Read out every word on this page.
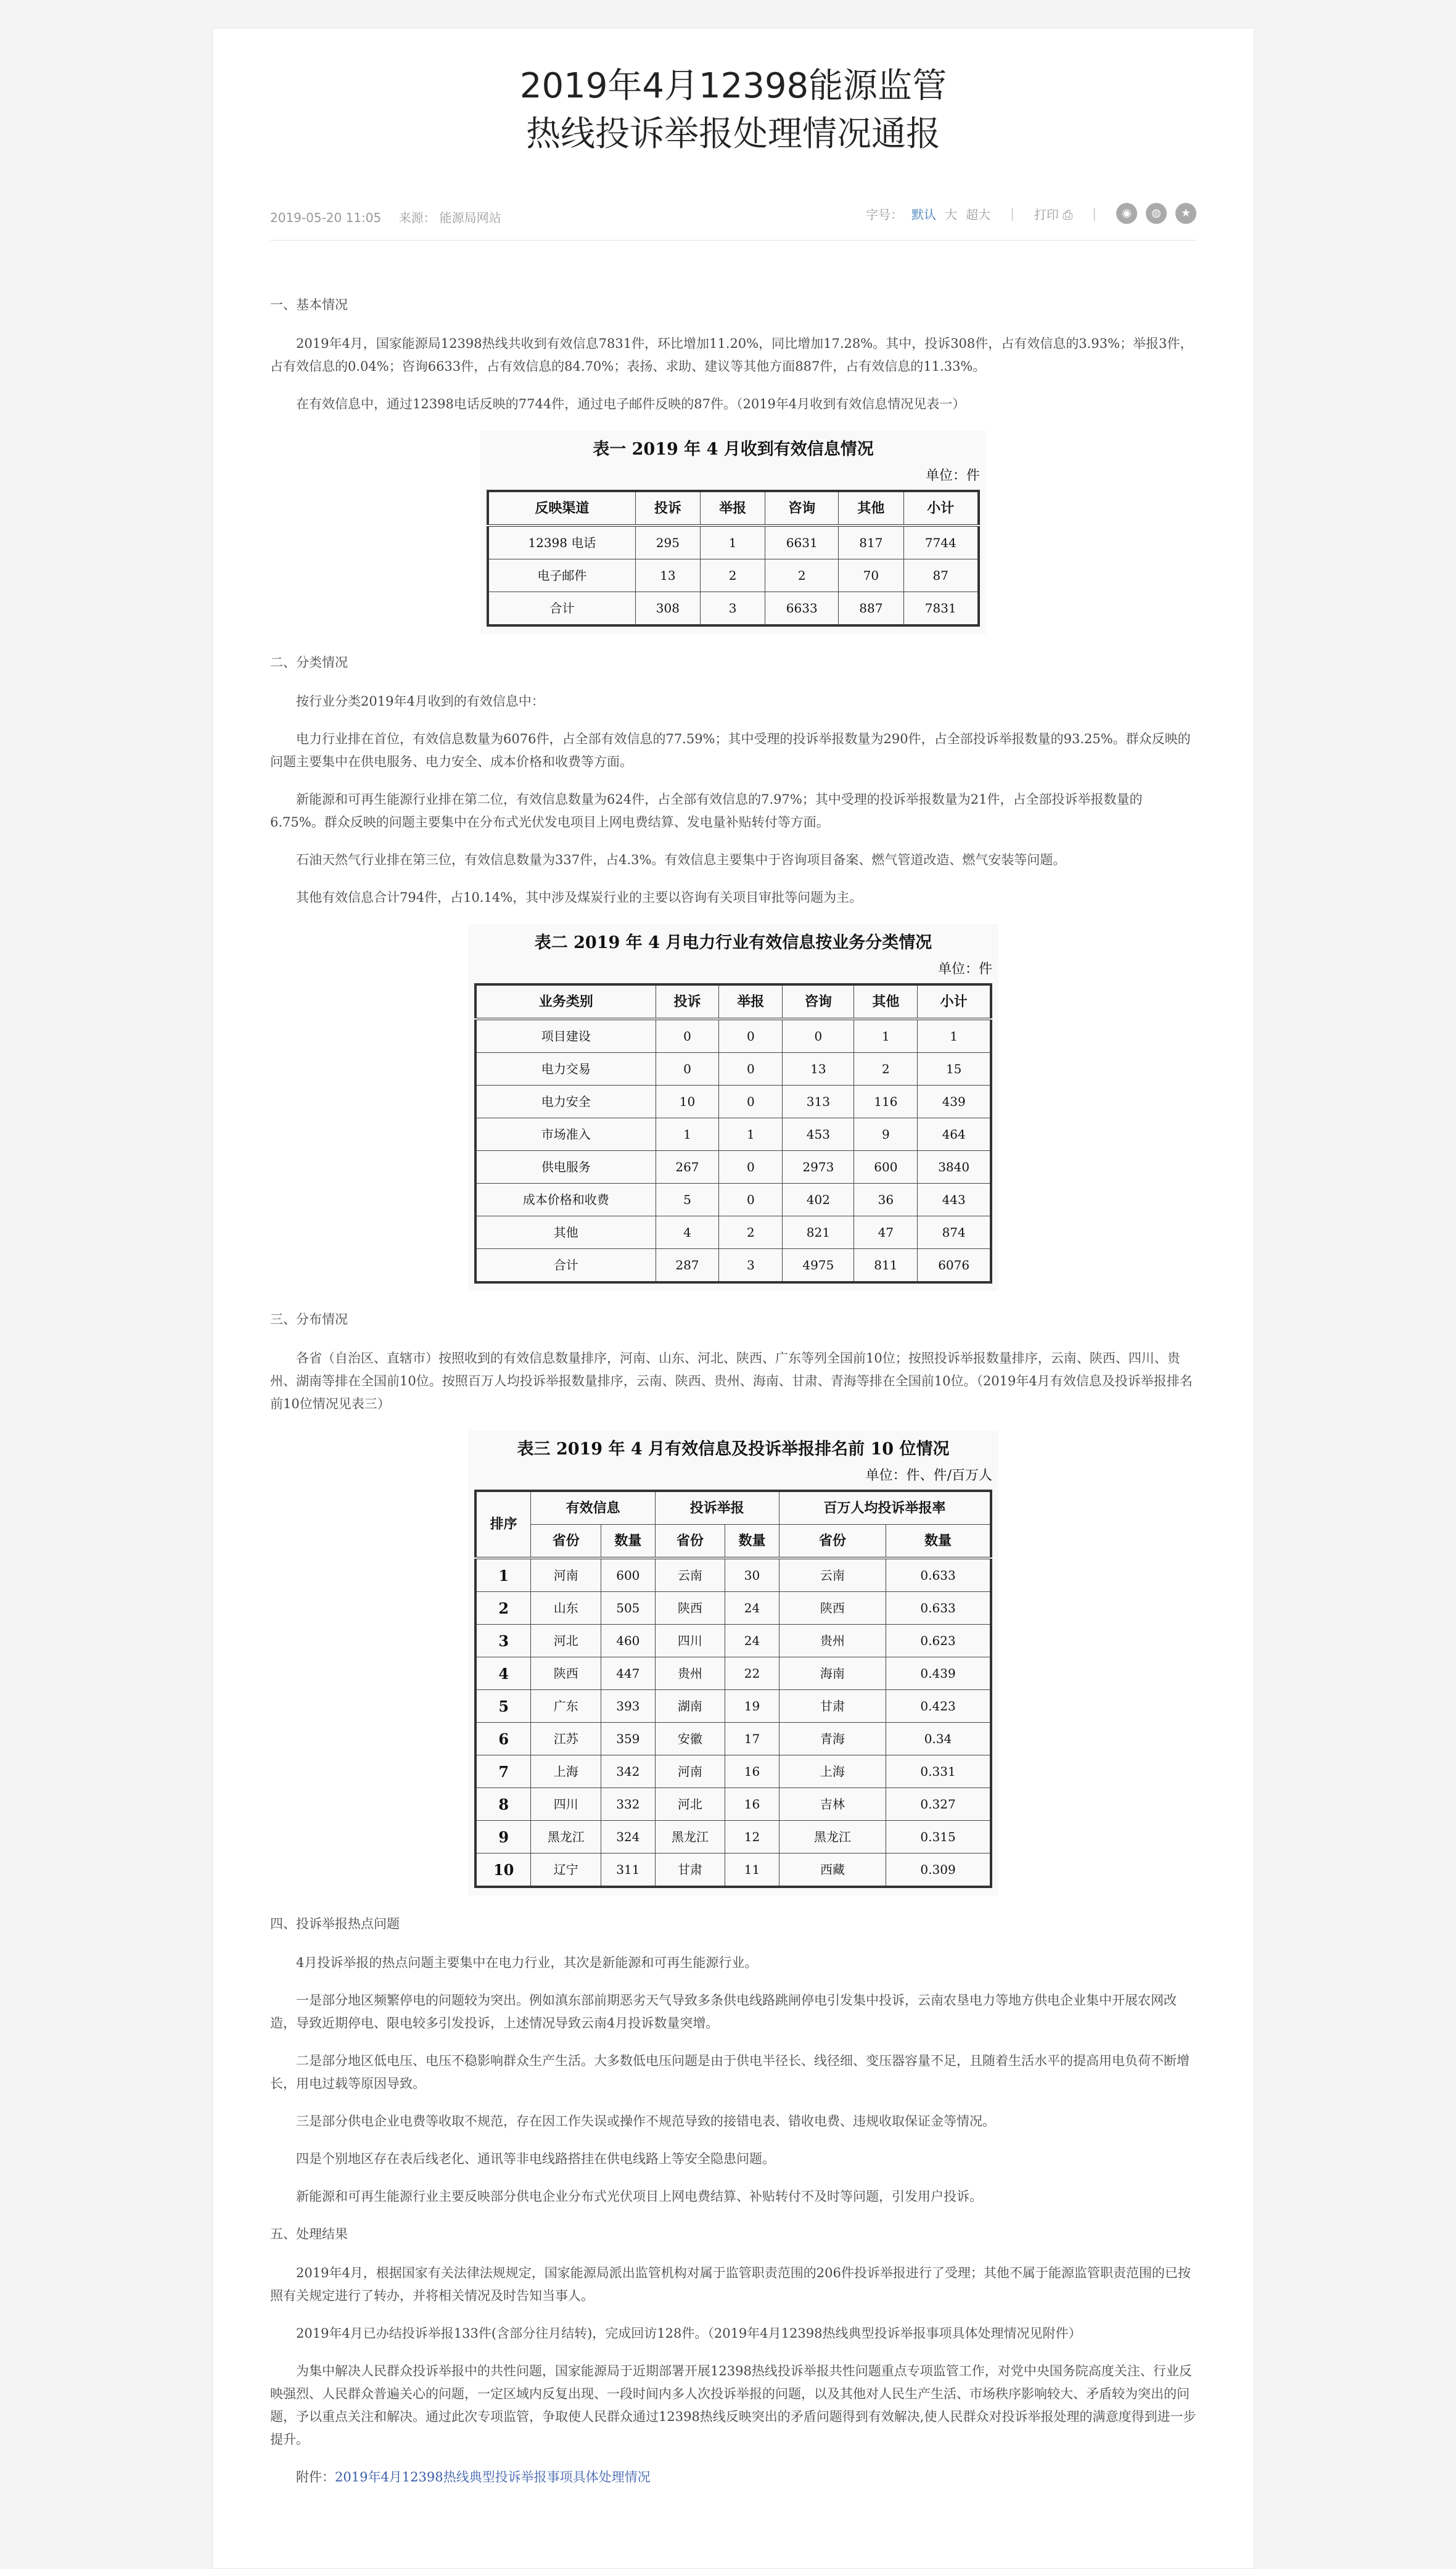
2019年4月12398能源监管
热线投诉举报处理情况通报
2019-05-20 11:05 来源： 能源局网站	字号： 默认 大 超大 | 打印 ⎙ |	◉	◍	★
一、基本情况

2019年4月，国家能源局12398热线共收到有效信息7831件，环比增加11.20%，同比增加17.28%。其中，投诉308件，占有效信息的3.93%；举报3件，占有效信息的0.04%；咨询6633件，占有效信息的84.70%；表扬、求助、建议等其他方面887件，占有效信息的11.33%。

在有效信息中，通过12398电话反映的7744件，通过电子邮件反映的87件。（2019年4月收到有效信息情况见表一）

表一 2019 年 4 月收到有效信息情况
单位：件
反映渠道	投诉	举报	咨询	其他	小计
12398 电话	295	1	6631	817	7744
电子邮件	13	2	2	70	87
合计	308	3	6633	887	7831
二、分类情况

按行业分类2019年4月收到的有效信息中：

电力行业排在首位，有效信息数量为6076件，占全部有效信息的77.59%；其中受理的投诉举报数量为290件，占全部投诉举报数量的93.25%。群众反映的问题主要集中在供电服务、电力安全、成本价格和收费等方面。

新能源和可再生能源行业排在第二位，有效信息数量为624件，占全部有效信息的7.97%；其中受理的投诉举报数量为21件，占全部投诉举报数量的6.75%。群众反映的问题主要集中在分布式光伏发电项目上网电费结算、发电量补贴转付等方面。

石油天然气行业排在第三位，有效信息数量为337件，占4.3%。有效信息主要集中于咨询项目备案、燃气管道改造、燃气安装等问题。

其他有效信息合计794件，占10.14%，其中涉及煤炭行业的主要以咨询有关项目审批等问题为主。

表二 2019 年 4 月电力行业有效信息按业务分类情况
单位：件
业务类别	投诉	举报	咨询	其他	小计
项目建设	0	0	0	1	1
电力交易	0	0	13	2	15
电力安全	10	0	313	116	439
市场准入	1	1	453	9	464
供电服务	267	0	2973	600	3840
成本价格和收费	5	0	402	36	443
其他	4	2	821	47	874
合计	287	3	4975	811	6076
三、分布情况

各省（自治区、直辖市）按照收到的有效信息数量排序，河南、山东、河北、陕西、广东等列全国前10位；按照投诉举报数量排序，云南、陕西、四川、贵州、湖南等排在全国前10位。按照百万人均投诉举报数量排序，云南、陕西、贵州、海南、甘肃、青海等排在全国前10位。（2019年4月有效信息及投诉举报排名前10位情况见表三）

表三 2019 年 4 月有效信息及投诉举报排名前 10 位情况
单位：件、件/百万人
排序	有效信息		投诉举报		百万人均投诉举报率	
	省份	数量	省份	数量	省份	数量
1	河南	600	云南	30	云南	0.633
2	山东	505	陕西	24	陕西	0.633
3	河北	460	四川	24	贵州	0.623
4	陕西	447	贵州	22	海南	0.439
5	广东	393	湖南	19	甘肃	0.423
6	江苏	359	安徽	17	青海	0.34
7	上海	342	河南	16	上海	0.331
8	四川	332	河北	16	吉林	0.327
9	黑龙江	324	黑龙江	12	黑龙江	0.315
10	辽宁	311	甘肃	11	西藏	0.309
四、投诉举报热点问题

4月投诉举报的热点问题主要集中在电力行业，其次是新能源和可再生能源行业。

一是部分地区频繁停电的问题较为突出。例如滇东部前期恶劣天气导致多条供电线路跳闸停电引发集中投诉，云南农垦电力等地方供电企业集中开展农网改造，导致近期停电、限电较多引发投诉，上述情况导致云南4月投诉数量突增。

二是部分地区低电压、电压不稳影响群众生产生活。大多数低电压问题是由于供电半径长、线径细、变压器容量不足，且随着生活水平的提高用电负荷不断增长，用电过载等原因导致。

三是部分供电企业电费等收取不规范，存在因工作失误或操作不规范导致的接错电表、错收电费、违规收取保证金等情况。

四是个别地区存在表后线老化、通讯等非电线路搭挂在供电线路上等安全隐患问题。

新能源和可再生能源行业主要反映部分供电企业分布式光伏项目上网电费结算、补贴转付不及时等问题，引发用户投诉。

五、处理结果

2019年4月，根据国家有关法律法规规定，国家能源局派出监管机构对属于监管职责范围的206件投诉举报进行了受理；其他不属于能源监管职责范围的已按照有关规定进行了转办，并将相关情况及时告知当事人。

2019年4月已办结投诉举报133件(含部分往月结转)，完成回访128件。（2019年4月12398热线典型投诉举报事项具体处理情况见附件）

为集中解决人民群众投诉举报中的共性问题，国家能源局于近期部署开展12398热线投诉举报共性问题重点专项监管工作，对党中央国务院高度关注、行业反映强烈、人民群众普遍关心的问题，一定区域内反复出现、一段时间内多人次投诉举报的问题，以及其他对人民生产生活、市场秩序影响较大、矛盾较为突出的问题，予以重点关注和解决。通过此次专项监管，争取使人民群众通过12398热线反映突出的矛盾问题得到有效解决,使人民群众对投诉举报处理的满意度得到进一步提升。

附件：2019年4月12398热线典型投诉举报事项具体处理情况
